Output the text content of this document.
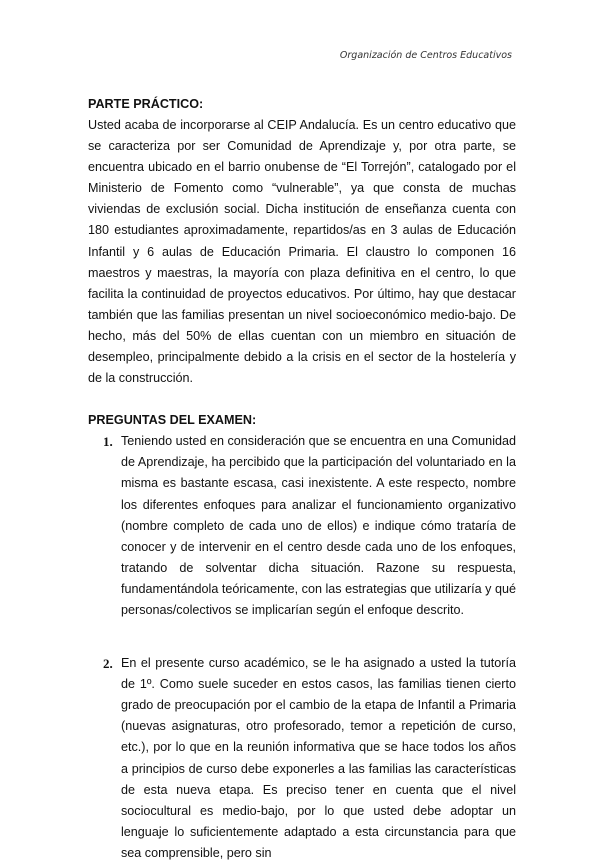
Organización de Centros Educativos
PARTE PRÁCTICO:

Usted acaba de incorporarse al CEIP Andalucía. Es un centro educativo que se caracteriza por ser Comunidad de Aprendizaje y, por otra parte, se encuentra ubicado en el barrio onubense de “El Torrejón”, catalogado por el Ministerio de Fomento como “vulnerable”, ya que consta de muchas viviendas de exclusión social. Dicha institución de enseñanza cuenta con 180 estudiantes aproximadamente, repartidos/as en 3 aulas de Educación Infantil y 6 aulas de Educación Primaria. El claustro lo componen 16 maestros y maestras, la mayoría con plaza definitiva en el centro, lo que facilita la continuidad de proyectos educativos. Por último, hay que destacar también que las familias presentan un nivel socioeconómico medio-bajo. De hecho, más del 50% de ellas cuentan con un miembro en situación de desempleo, principalmente debido a la crisis en el sector de la hostelería y de la construcción.

PREGUNTAS DEL EXAMEN:
1. Teniendo usted en consideración que se encuentra en una Comunidad de Aprendizaje, ha percibido que la participación del voluntariado en la misma es bastante escasa, casi inexistente. A este respecto, nombre los diferentes enfoques para analizar el funcionamiento organizativo (nombre completo de cada uno de ellos) e indique cómo trataría de conocer y de intervenir en el centro desde cada uno de los enfoques, tratando de solventar dicha situación. Razone su respuesta, fundamentándola teóricamente, con las estrategias que utilizaría y qué personas/colectivos se implicarían según el enfoque descrito.

2. En el presente curso académico, se le ha asignado a usted la tutoría de 1º. Como suele suceder en estos casos, las familias tienen cierto grado de preocupación por el cambio de la etapa de Infantil a Primaria (nuevas asignaturas, otro profesorado, temor a repetición de curso, etc.), por lo que en la reunión informativa que se hace todos los años a principios de curso debe exponerles a las familias las características de esta nueva etapa. Es preciso tener en cuenta que el nivel sociocultural es medio-bajo, por lo que usted debe adoptar un lenguaje lo suficientemente adaptado a esta circunstancia para que sea comprensible, pero sin
